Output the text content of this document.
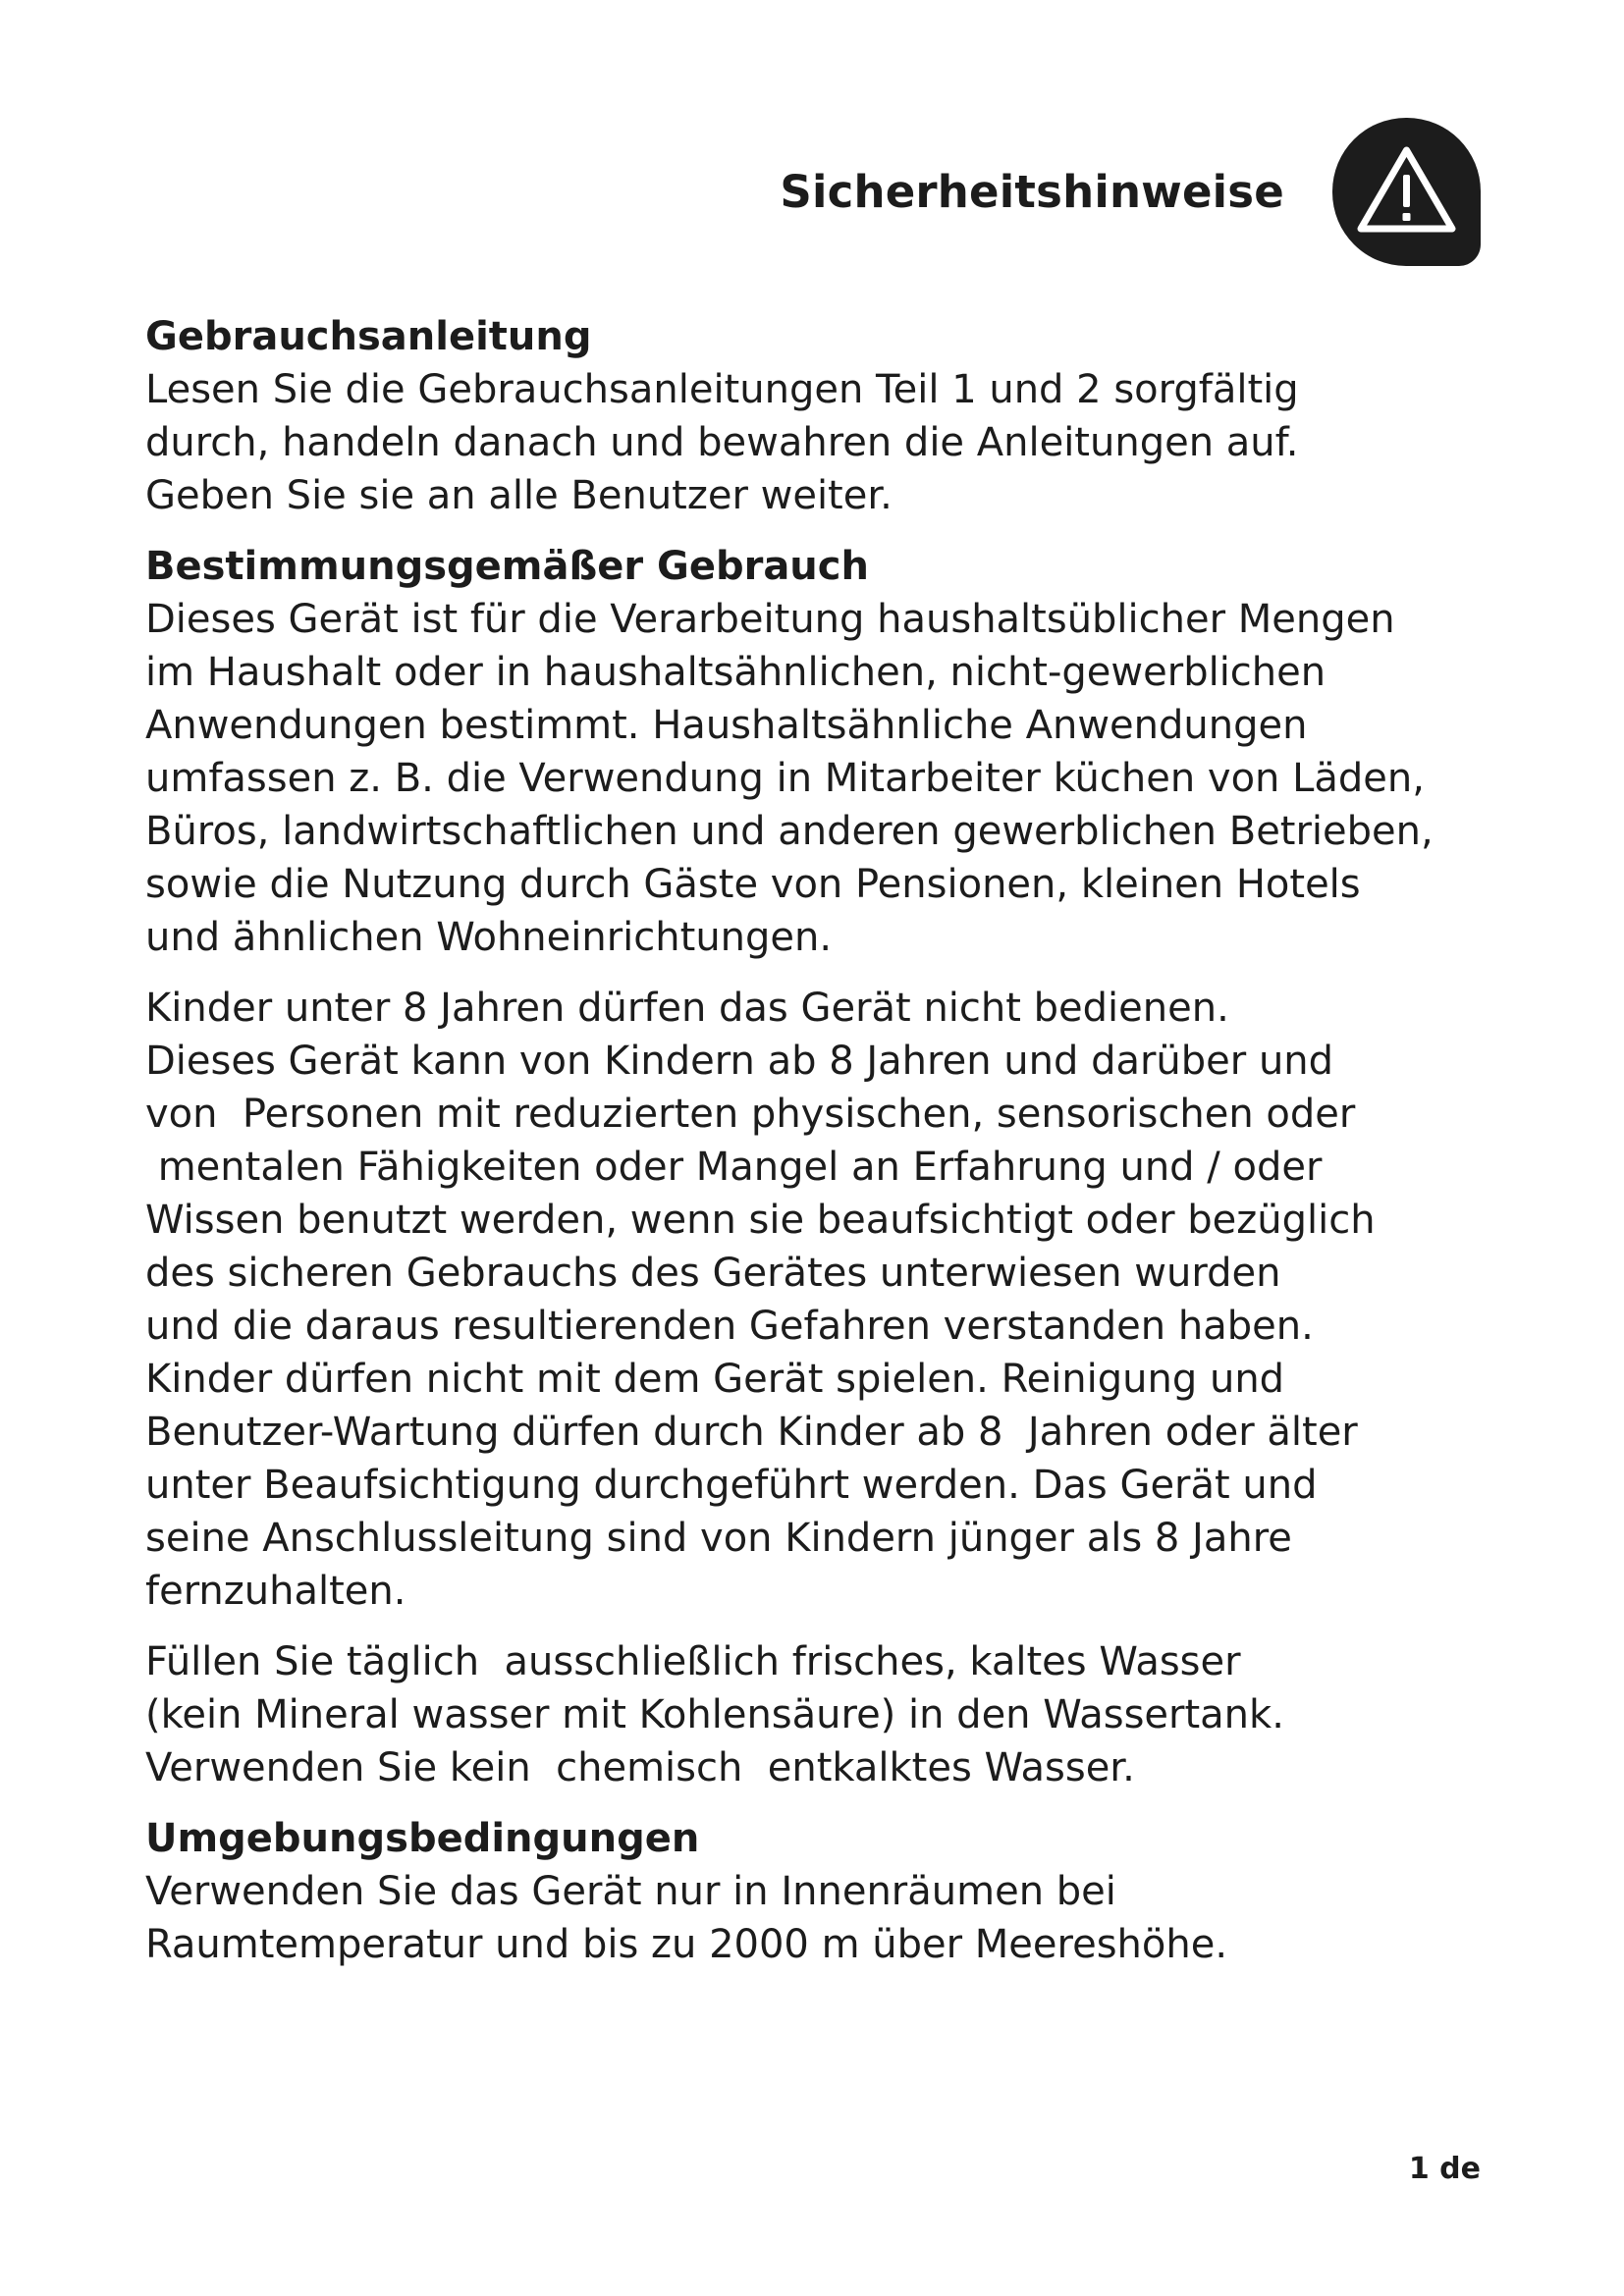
Sicherheitshinweise
Gebrauchsanleitung

Lesen Sie die Gebrauchsanleitungen Teil 1 und 2 sorgfältig
durch, handeln danach und bewahren die Anleitungen auf.
Geben Sie sie an alle Benutzer weiter.

Bestimmungsgemäßer Gebrauch

Dieses Gerät ist für die Verarbeitung haushaltsüblicher Mengen
im Haushalt oder in haushaltsähnlichen, nicht-gewerblichen
Anwendungen bestimmt. Haushaltsähnliche Anwendungen
umfassen z. B. die Verwendung in Mitarbeiter küchen von Läden,
Büros, landwirtschaftlichen und anderen gewerblichen Betrieben,
sowie die Nutzung durch Gäste von Pensionen, kleinen Hotels
und ähnlichen Wohneinrichtungen.

Kinder unter 8 Jahren dürfen das Gerät nicht bedienen.
Dieses Gerät kann von Kindern ab 8 Jahren und darüber und
von  Personen mit reduzierten physischen, sensorischen oder
mentalen Fähigkeiten oder Mangel an Erfahrung und / oder
Wissen benutzt werden, wenn sie beaufsichtigt oder bezüglich
des sicheren Gebrauchs des Gerätes unterwiesen wurden
und die daraus resultierenden Gefahren verstanden haben.
Kinder dürfen nicht mit dem Gerät spielen. Reinigung und
Benutzer-Wartung dürfen durch Kinder ab 8  Jahren oder älter
unter Beaufsichtigung durchgeführt werden. Das Gerät und
seine Anschlussleitung sind von Kindern jünger als 8 Jahre
fernzuhalten.

Füllen Sie täglich  ausschließlich frisches, kaltes Wasser
(kein Mineral wasser mit Kohlensäure) in den Wassertank.
Verwenden Sie kein  chemisch  entkalktes Wasser.

Umgebungsbedingungen

Verwenden Sie das Gerät nur in Innenräumen bei
Raumtemperatur und bis zu 2000 m über Meereshöhe.

1 de
